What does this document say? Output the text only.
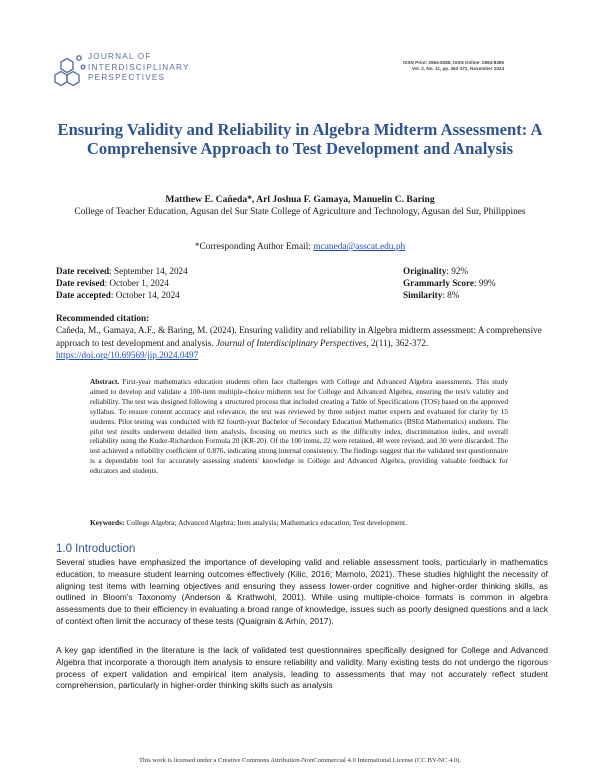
JOURNAL OF
INTERDISCIPLINARY
PERSPECTIVES
ISSN Print: 2984-8288, ISSN Online: 2984-8385
Vol. 2, No. 11, pp. 362-372, November 2024
Ensuring Validity and Reliability in Algebra Midterm Assessment: A Comprehensive Approach to Test Development and Analysis
Matthew E. Cañeda*, Arl Joshua F. Gamaya, Manuelin C. Baring
College of Teacher Education, Agusan del Sur State College of Agriculture and Technology, Agusan del Sur, Philippines
*Corresponding Author Email: mcaneda@asscat.edu.ph
Date received: September 14, 2024
Date revised: October 1, 2024
Date accepted: October 14, 2024
Originality: 92%
Grammarly Score: 99%
Similarity: 8%
Recommended citation:
Cañeda, M., Gamaya, A.F., & Baring, M. (2024). Ensuring validity and reliability in Algebra midterm assessment: A comprehensive approach to test development and analysis. Journal of Interdisciplinary Perspectives, 2(11), 362-372. https://doi.org/10.69569/jip.2024.0497
Abstract. First-year mathematics education students often face challenges with College and Advanced Algebra assessments. This study aimed to develop and validate a 100-item multiple-choice midterm test for College and Advanced Algebra, ensuring the test's validity and reliability. The test was designed following a structured process that included creating a Table of Specifications (TOS) based on the approved syllabus. To ensure content accuracy and relevance, the test was reviewed by three subject matter experts and evaluated for clarity by 15 students. Pilot testing was conducted with 82 fourth-year Bachelor of Secondary Education Mathematics (BSEd Mathematics) students. The pilot test results underwent detailed item analysis, focusing on metrics such as the difficulty index, discrimination index, and overall reliability using the Kuder-Richardson Formula 20 (KR-20). Of the 100 items, 22 were retained, 48 were revised, and 30 were discarded. The test achieved a reliability coefficient of 0.876, indicating strong internal consistency. The findings suggest that the validated test questionnaire is a dependable tool for accurately assessing students' knowledge in College and Advanced Algebra, providing valuable feedback for educators and students.
Keywords: College Algebra; Advanced Algebra; Item analysis; Mathematics education; Test development.
1.0 Introduction

Several studies have emphasized the importance of developing valid and reliable assessment tools, particularly in mathematics education, to measure student learning outcomes effectively (Kilic, 2016; Mamolo, 2021). These studies highlight the necessity of aligning test items with learning objectives and ensuring they assess lower-order cognitive and higher-order thinking skills, as outlined in Bloom's Taxonomy (Anderson & Krathwohl, 2001). While using multiple-choice formats is common in algebra assessments due to their efficiency in evaluating a broad range of knowledge, issues such as poorly designed questions and a lack of context often limit the accuracy of these tests (Quaigrain & Arhin, 2017).

A key gap identified in the literature is the lack of validated test questionnaires specifically designed for College and Advanced Algebra that incorporate a thorough item analysis to ensure reliability and validity. Many existing tests do not undergo the rigorous process of expert validation and empirical item analysis, leading to assessments that may not accurately reflect student comprehension, particularly in higher-order thinking skills such as analysis

This work is licensed under a Creative Commons Attribution-NonCommercial 4.0 International License (CC BY-NC 4.0).
